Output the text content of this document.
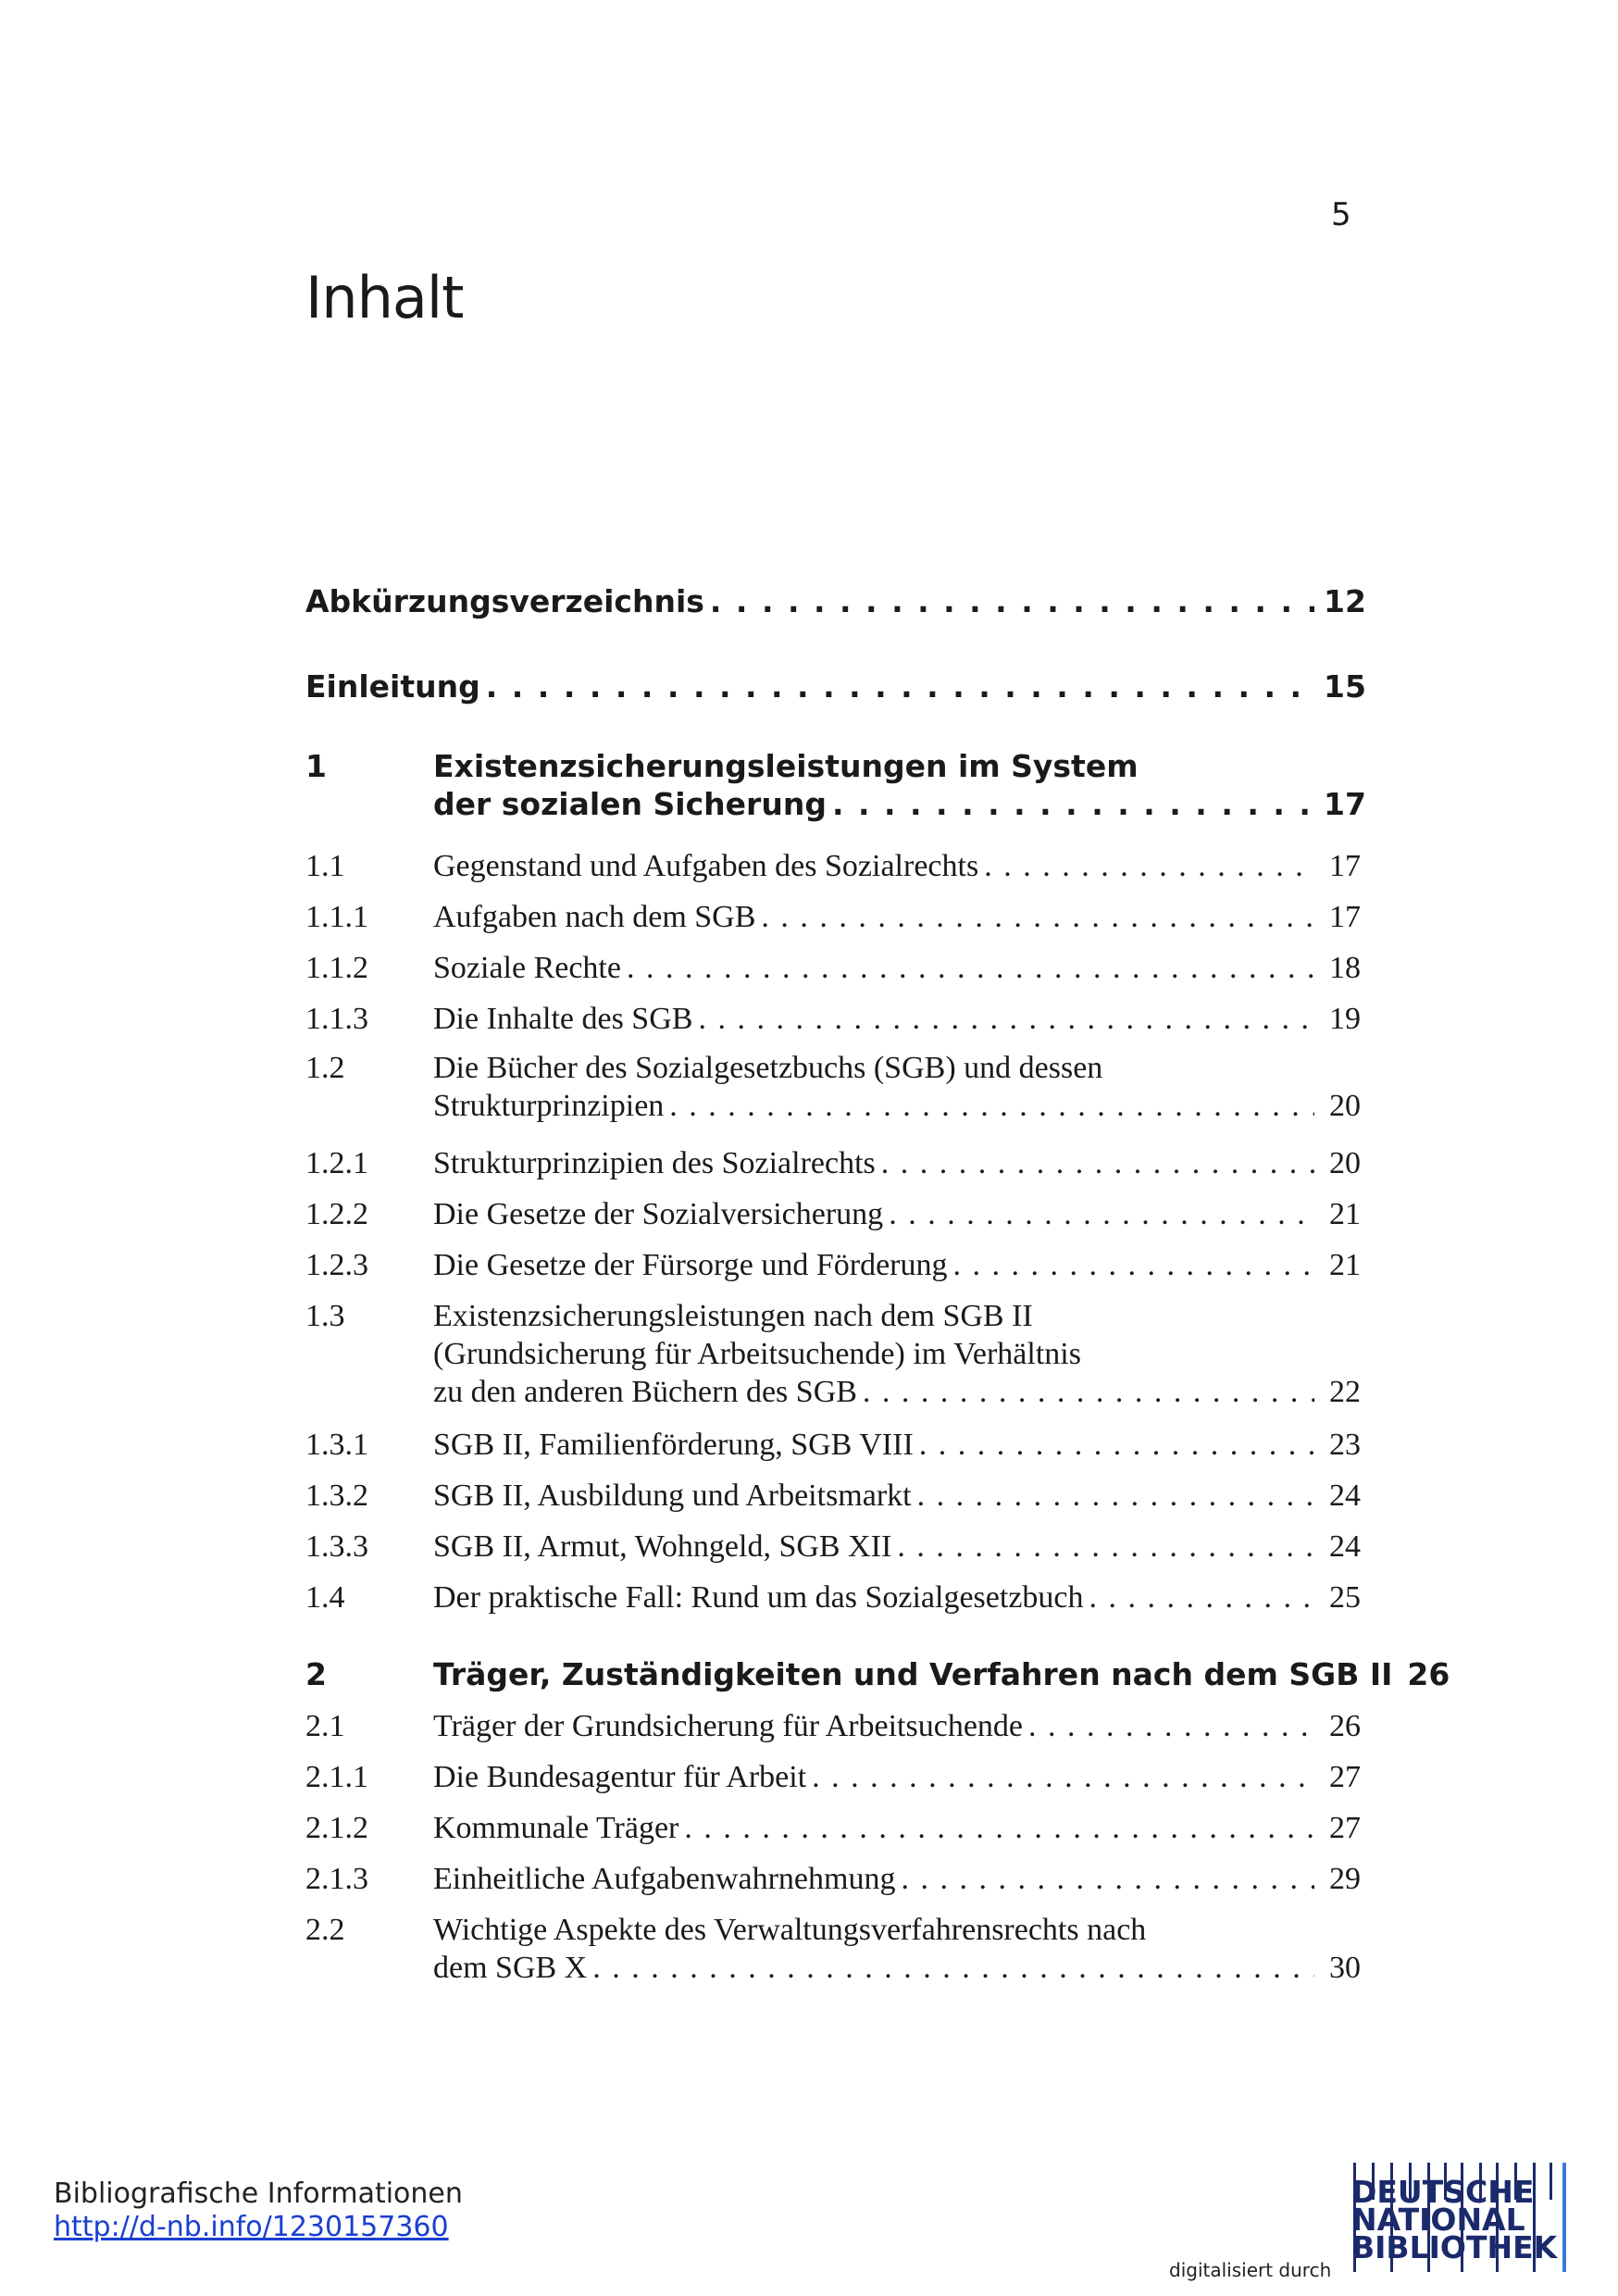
5
Inhalt
Abkürzungsverzeichnis . . .	12
Einleitung . . .	15
1	Existenzsicherungsleistungen im System
der sozialen Sicherung . . .	17
1.1	Gegenstand und Aufgaben des Sozialrechts . . .	17
1.1.1 Aufgaben nach dem SGB . . .	17
1.1.2 Soziale Rechte . . .	18
1.1.3 Die Inhalte des SGB . . .	19
1.2	Die Bücher des Sozialgesetzbuchs (SGB) und dessen
Strukturprinzipien . . .	20
1.2.1 Strukturprinzipien des Sozialrechts . . .	20
1.2.2 Die Gesetze der Sozialversicherung . . .	21
1.2.3 Die Gesetze der Fürsorge und Förderung . . .	21
1.3	Existenzsicherungsleistungen nach dem SGB II
(Grundsicherung für Arbeitsuchende) im Verhältnis
zu den anderen Büchern des SGB . . .	22
1.3.1 SGB II, Familienförderung, SGB VIII . . .	23
1.3.2 SGB II, Ausbildung und Arbeitsmarkt . . .	24
1.3.3 SGB II, Armut, Wohngeld, SGB XII . . .	24
1.4	Der praktische Fall: Rund um das Sozialgesetzbuch . . .	25
2	Träger, Zuständigkeiten und Verfahren nach dem SGB II 26
2.1	Träger der Grundsicherung für Arbeitsuchende . . .	26
2.1.1 Die Bundesagentur für Arbeit . . .	27
2.1.2 Kommunale Träger . . .	27
2.1.3 Einheitliche Aufgabenwahrnehmung . . .	29
2.2	Wichtige Aspekte des Verwaltungsverfahrensrechts nach
dem SGB X . . .	30
Bibliografische Informationen
http://d-nb.info/1230157360
digitalisiert durch
DEUTSCHE
NATIONAL
BIBLIOTHEK
